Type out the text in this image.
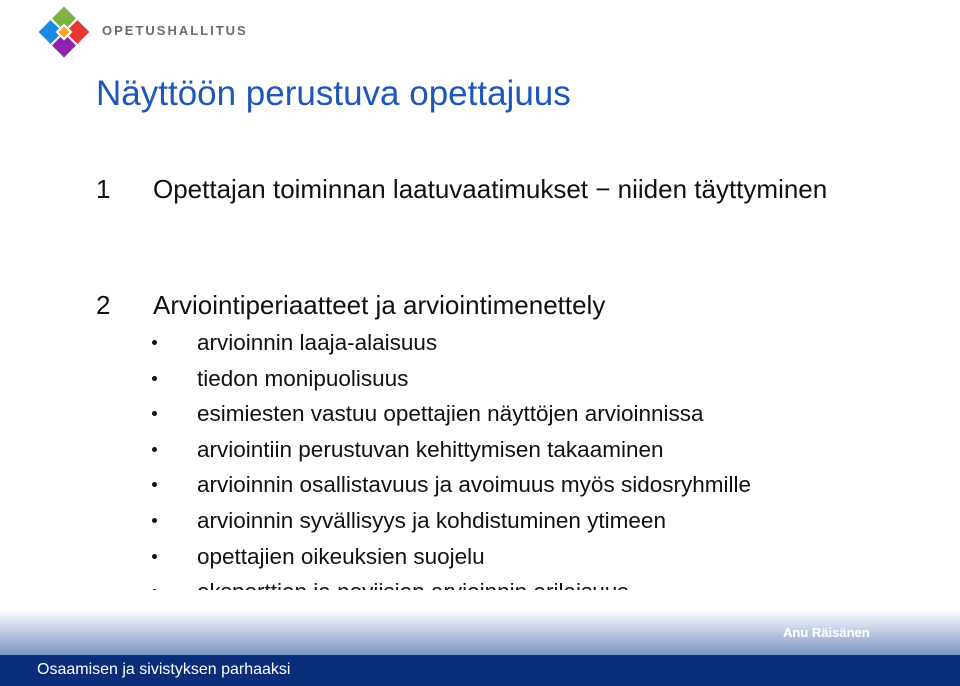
OPETUSHALLITUS
Näyttöön perustuva opettajuus
1	Opettajan toiminnan laatuvaatimukset − niiden täyttyminen
2	Arviointiperiaatteet ja arviointimenettely
arvioinnin laaja-alaisuus
tiedon monipuolisuus
esimiesten vastuu opettajien näyttöjen arvioinnissa
arviointiin perustuvan kehittymisen takaaminen
arvioinnin osallistavuus ja avoimuus myös sidosryhmille
arvioinnin syvällisyys ja kohdistuminen ytimeen
opettajien oikeuksien suojelu
Anu Räisänen
Osaamisen ja sivistyksen parhaaksi
